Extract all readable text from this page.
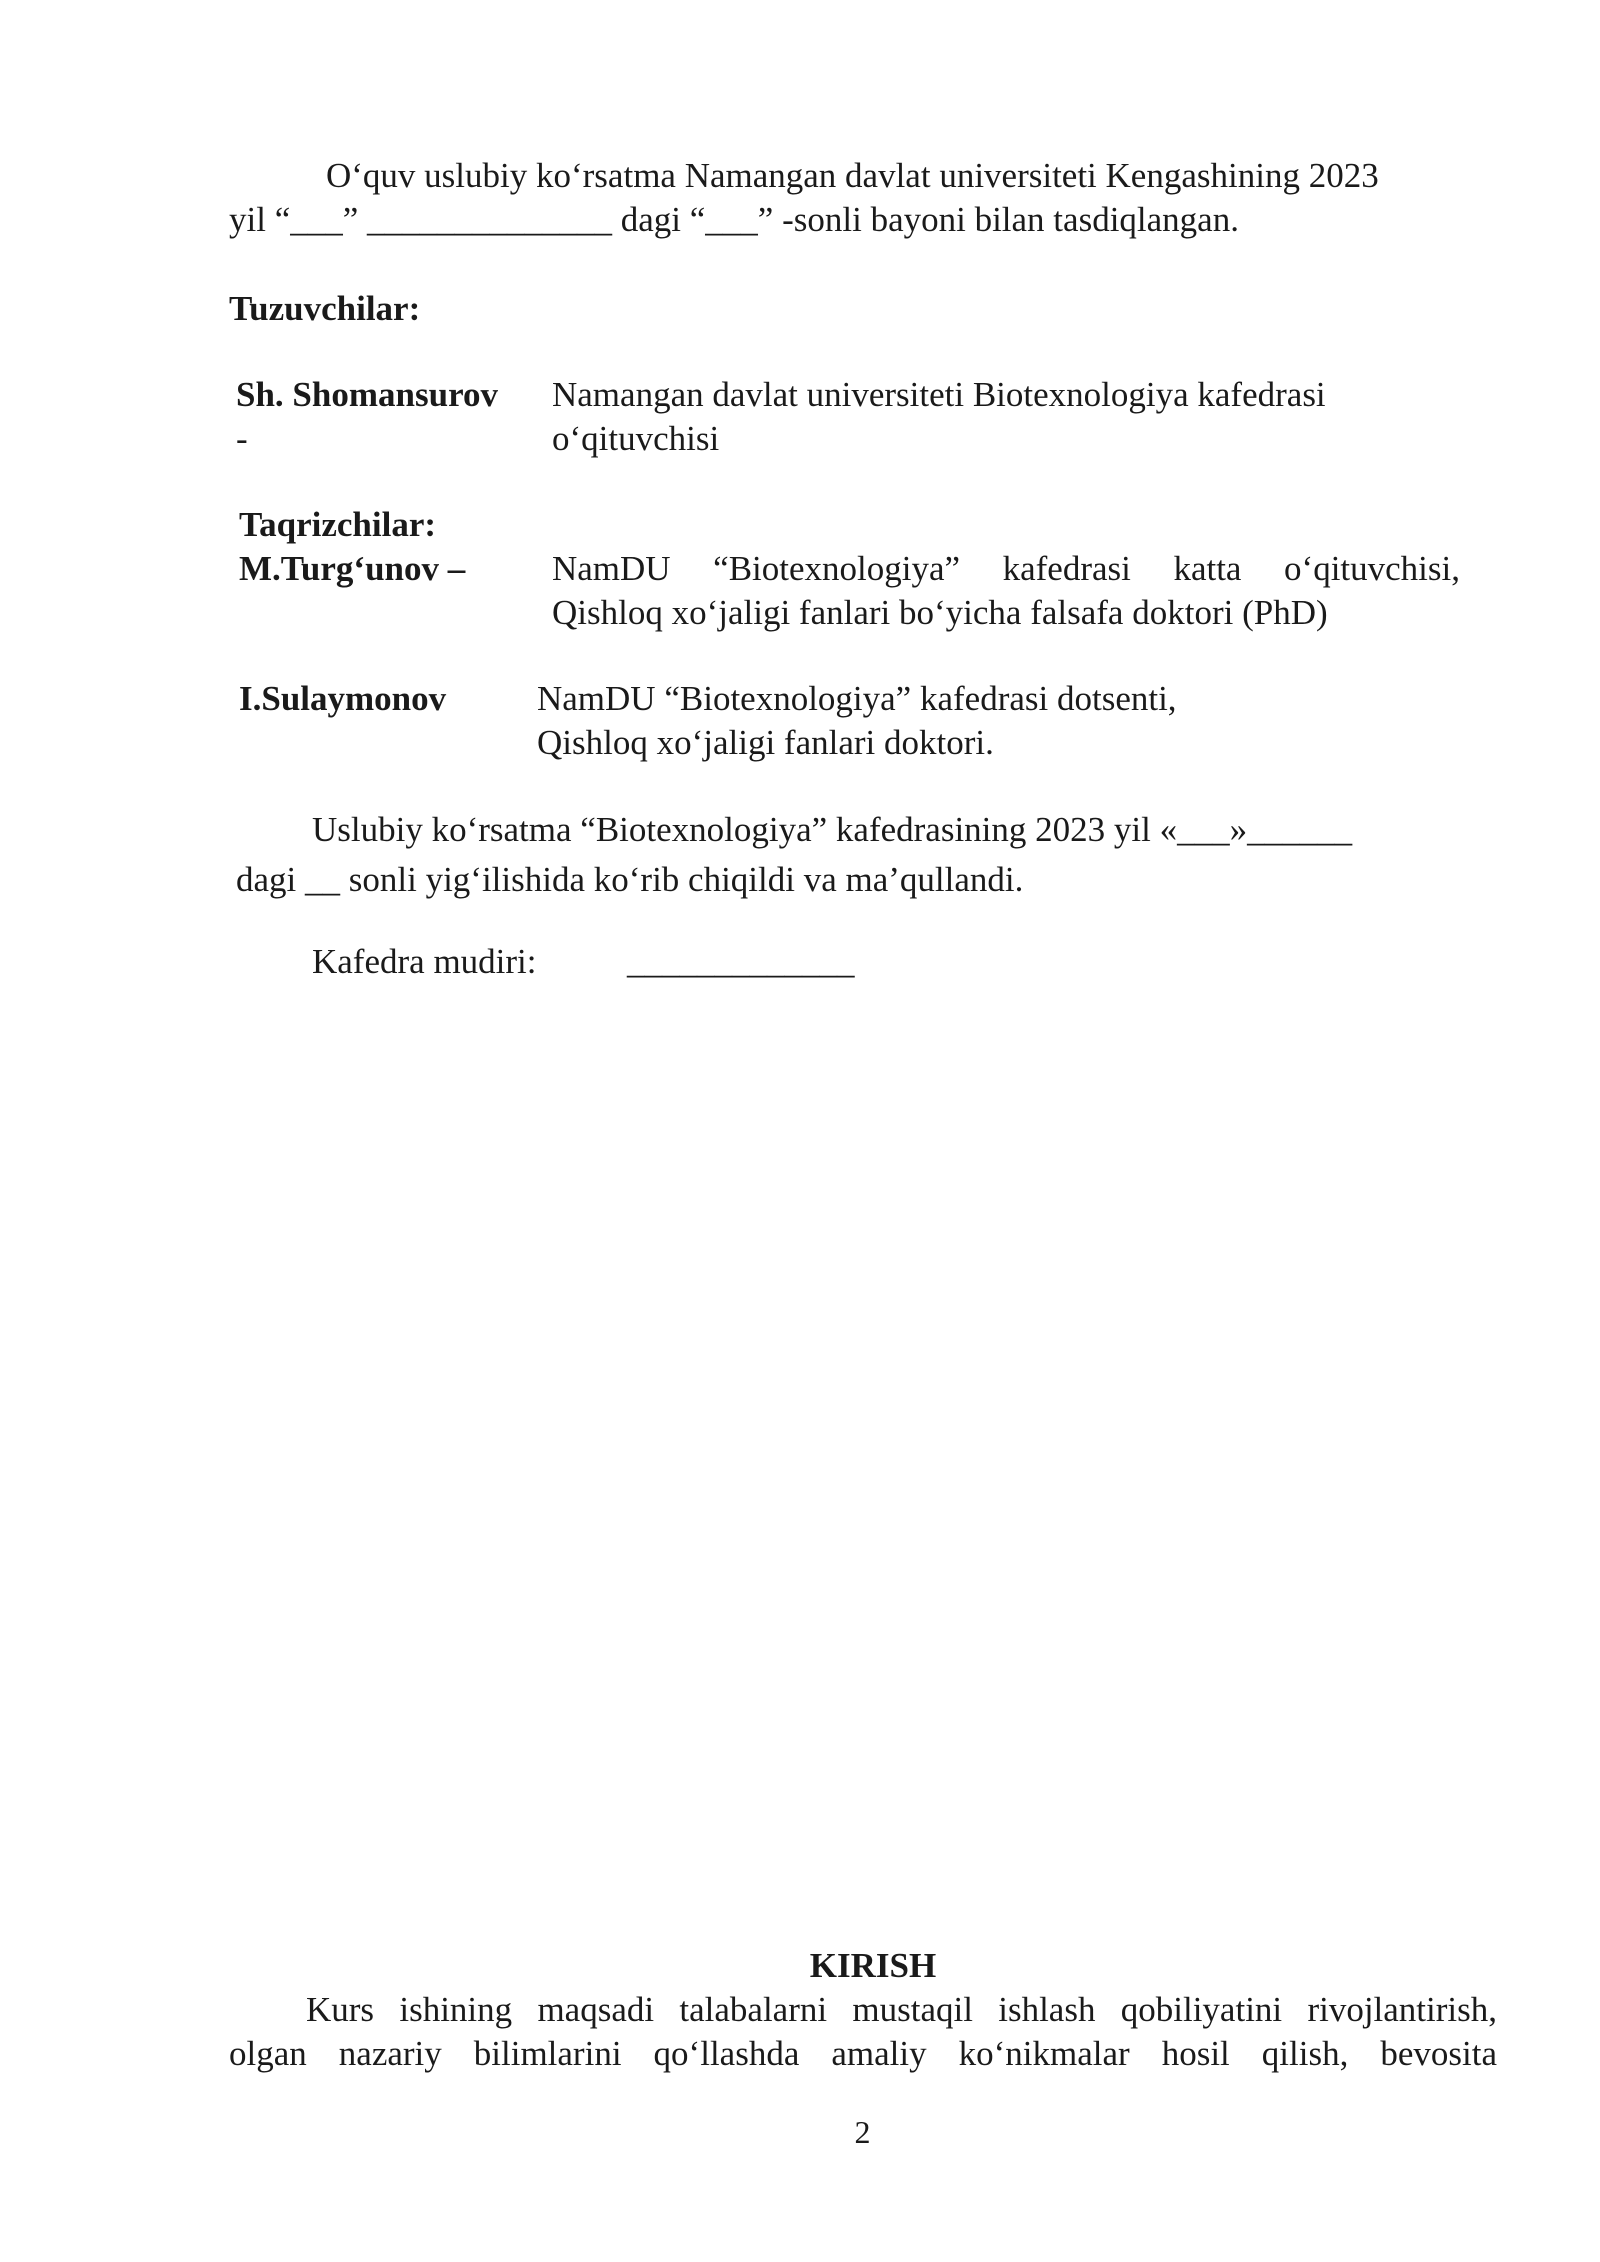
O‘quv uslubiy ko‘rsatma Namangan davlat universiteti Kengashining 2023
yil “___” ______________ dagi “___” -sonli bayoni bilan tasdiqlangan.
Tuzuvchilar:
Sh. Shomansurov
-
Namangan davlat universiteti Biotexnologiya kafedrasi
o‘qituvchisi
Taqrizchilar:
M.Turg‘unov – NamDU “Biotexnologiya” kafedrasi katta o‘qituvchisi,
Qishloq xo‘jaligi fanlari bo‘yicha falsafa doktori (PhD)
I.Sulaymonov	NamDU “Biotexnologiya” kafedrasi dotsenti,
Qishloq xo‘jaligi fanlari doktori.
Uslubiy ko‘rsatma “Biotexnologiya” kafedrasining 2023 yil «___»______
dagi __ sonli yig‘ilishida ko‘rib chiqildi va ma’qullandi.
Kafedra mudiri:	_____________
KIRISH
Kurs ishining maqsadi talabalarni mustaqil ishlash qobiliyatini rivojlantirish,
olgan nazariy bilimlarini qo‘llashda amaliy ko‘nikmalar hosil qilish, bevosita
2
